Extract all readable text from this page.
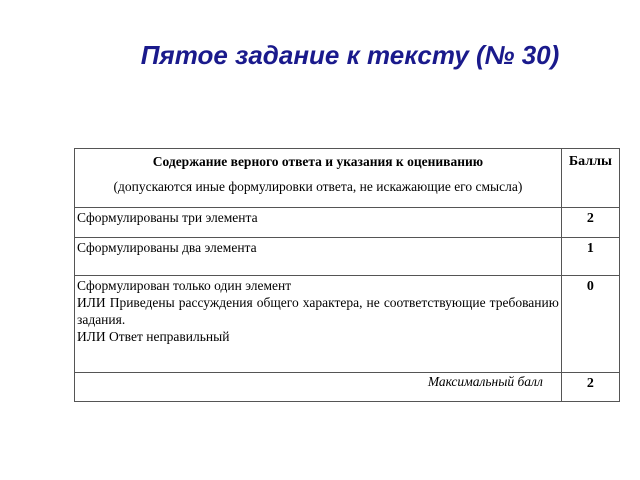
Пятое задание к тексту (№ 30)
Содержание верного ответа и указания к оцениванию
(допускаются иные формулировки ответа, не искажающие его смысла)	Баллы

Сформулированы три элемента	2

Сформулированы два элемента	1

Сформулирован только один элемент
ИЛИ Приведены рассуждения общего характера, не соответствующие требованию задания.
ИЛИ Ответ неправильный	0

Максимальный балл	2
